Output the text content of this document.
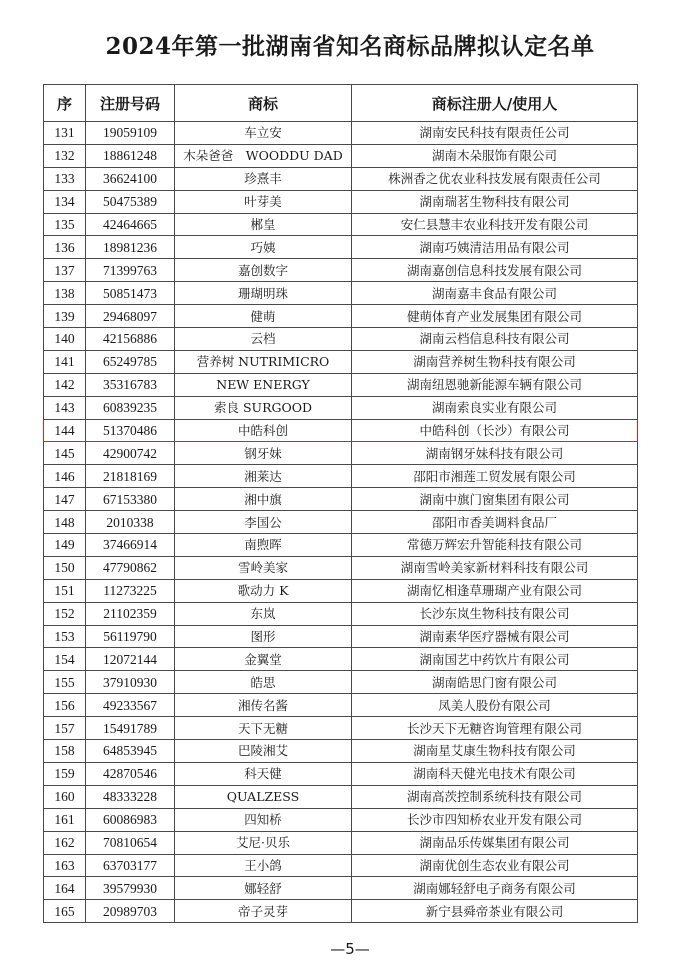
2024年第一批湖南省知名商标品牌拟认定名单
序	注册号码	商标	商标注册人/使用人
131	19059109	车立安	湖南安民科技有限责任公司
132	18861248	木朵爸爸　WOODDU DAD	湖南木朵服饰有限公司
133	36624100	珍熹丰	株洲香之优农业科技发展有限责任公司
134	50475389	叶芽美	湖南瑞茗生物科技有限公司
135	42464665	郴皇	安仁县慧丰农业科技开发有限公司
136	18981236	巧姨	湖南巧姨清洁用品有限公司
137	71399763	嘉创数字	湖南嘉创信息科技发展有限公司
138	50851473	珊瑚明珠	湖南嘉丰食品有限公司
139	29468097	健萌	健萌体育产业发展集团有限公司
140	42156886	云档	湖南云档信息科技有限公司
141	65249785	营养树 NUTRIMICRO	湖南营养树生物科技有限公司
142	35316783	NEW ENERGY	湖南纽恩驰新能源车辆有限公司
143	60839235	索良 SURGOOD	湖南索良实业有限公司
144	51370486	中皓科创	中皓科创（长沙）有限公司
145	42900742	钢牙妹	湖南钢牙妹科技有限公司
146	21818169	湘莱达	邵阳市湘莲工贸发展有限公司
147	67153380	湘中旗	湖南中旗门窗集团有限公司
148	2010338	李国公	邵阳市香美调料食品厂
149	37466914	南煦晖	常德万辉宏升智能科技有限公司
150	47790862	雪岭美家	湖南雪岭美家新材料科技有限公司
151	11273225	歌动力 K	湖南忆相逢草珊瑚产业有限公司
152	21102359	东岚	长沙东岚生物科技有限公司
153	56119790	图形	湖南素华医疗器械有限公司
154	12072144	金翼堂	湖南国艺中药饮片有限公司
155	37910930	皓思	湖南皓思门窗有限公司
156	49233567	湘传名酱	凤美人股份有限公司
157	15491789	天下无糖	长沙天下无糖咨询管理有限公司
158	64853945	巴陵湘艾	湖南星艾康生物科技有限公司
159	42870546	科天健	湖南科天健光电技术有限公司
160	48333228	QUALZESS	湖南高茨控制系统科技有限公司
161	60086983	四知桥	长沙市四知桥农业开发有限公司
162	70810654	艾尼·贝乐	湖南品乐传媒集团有限公司
163	63703177	王小鸽	湖南优创生态农业有限公司
164	39579930	娜轻舒	湖南娜轻舒电子商务有限公司
165	20989703	帝子灵芽	新宁县舜帝茶业有限公司
—5—
